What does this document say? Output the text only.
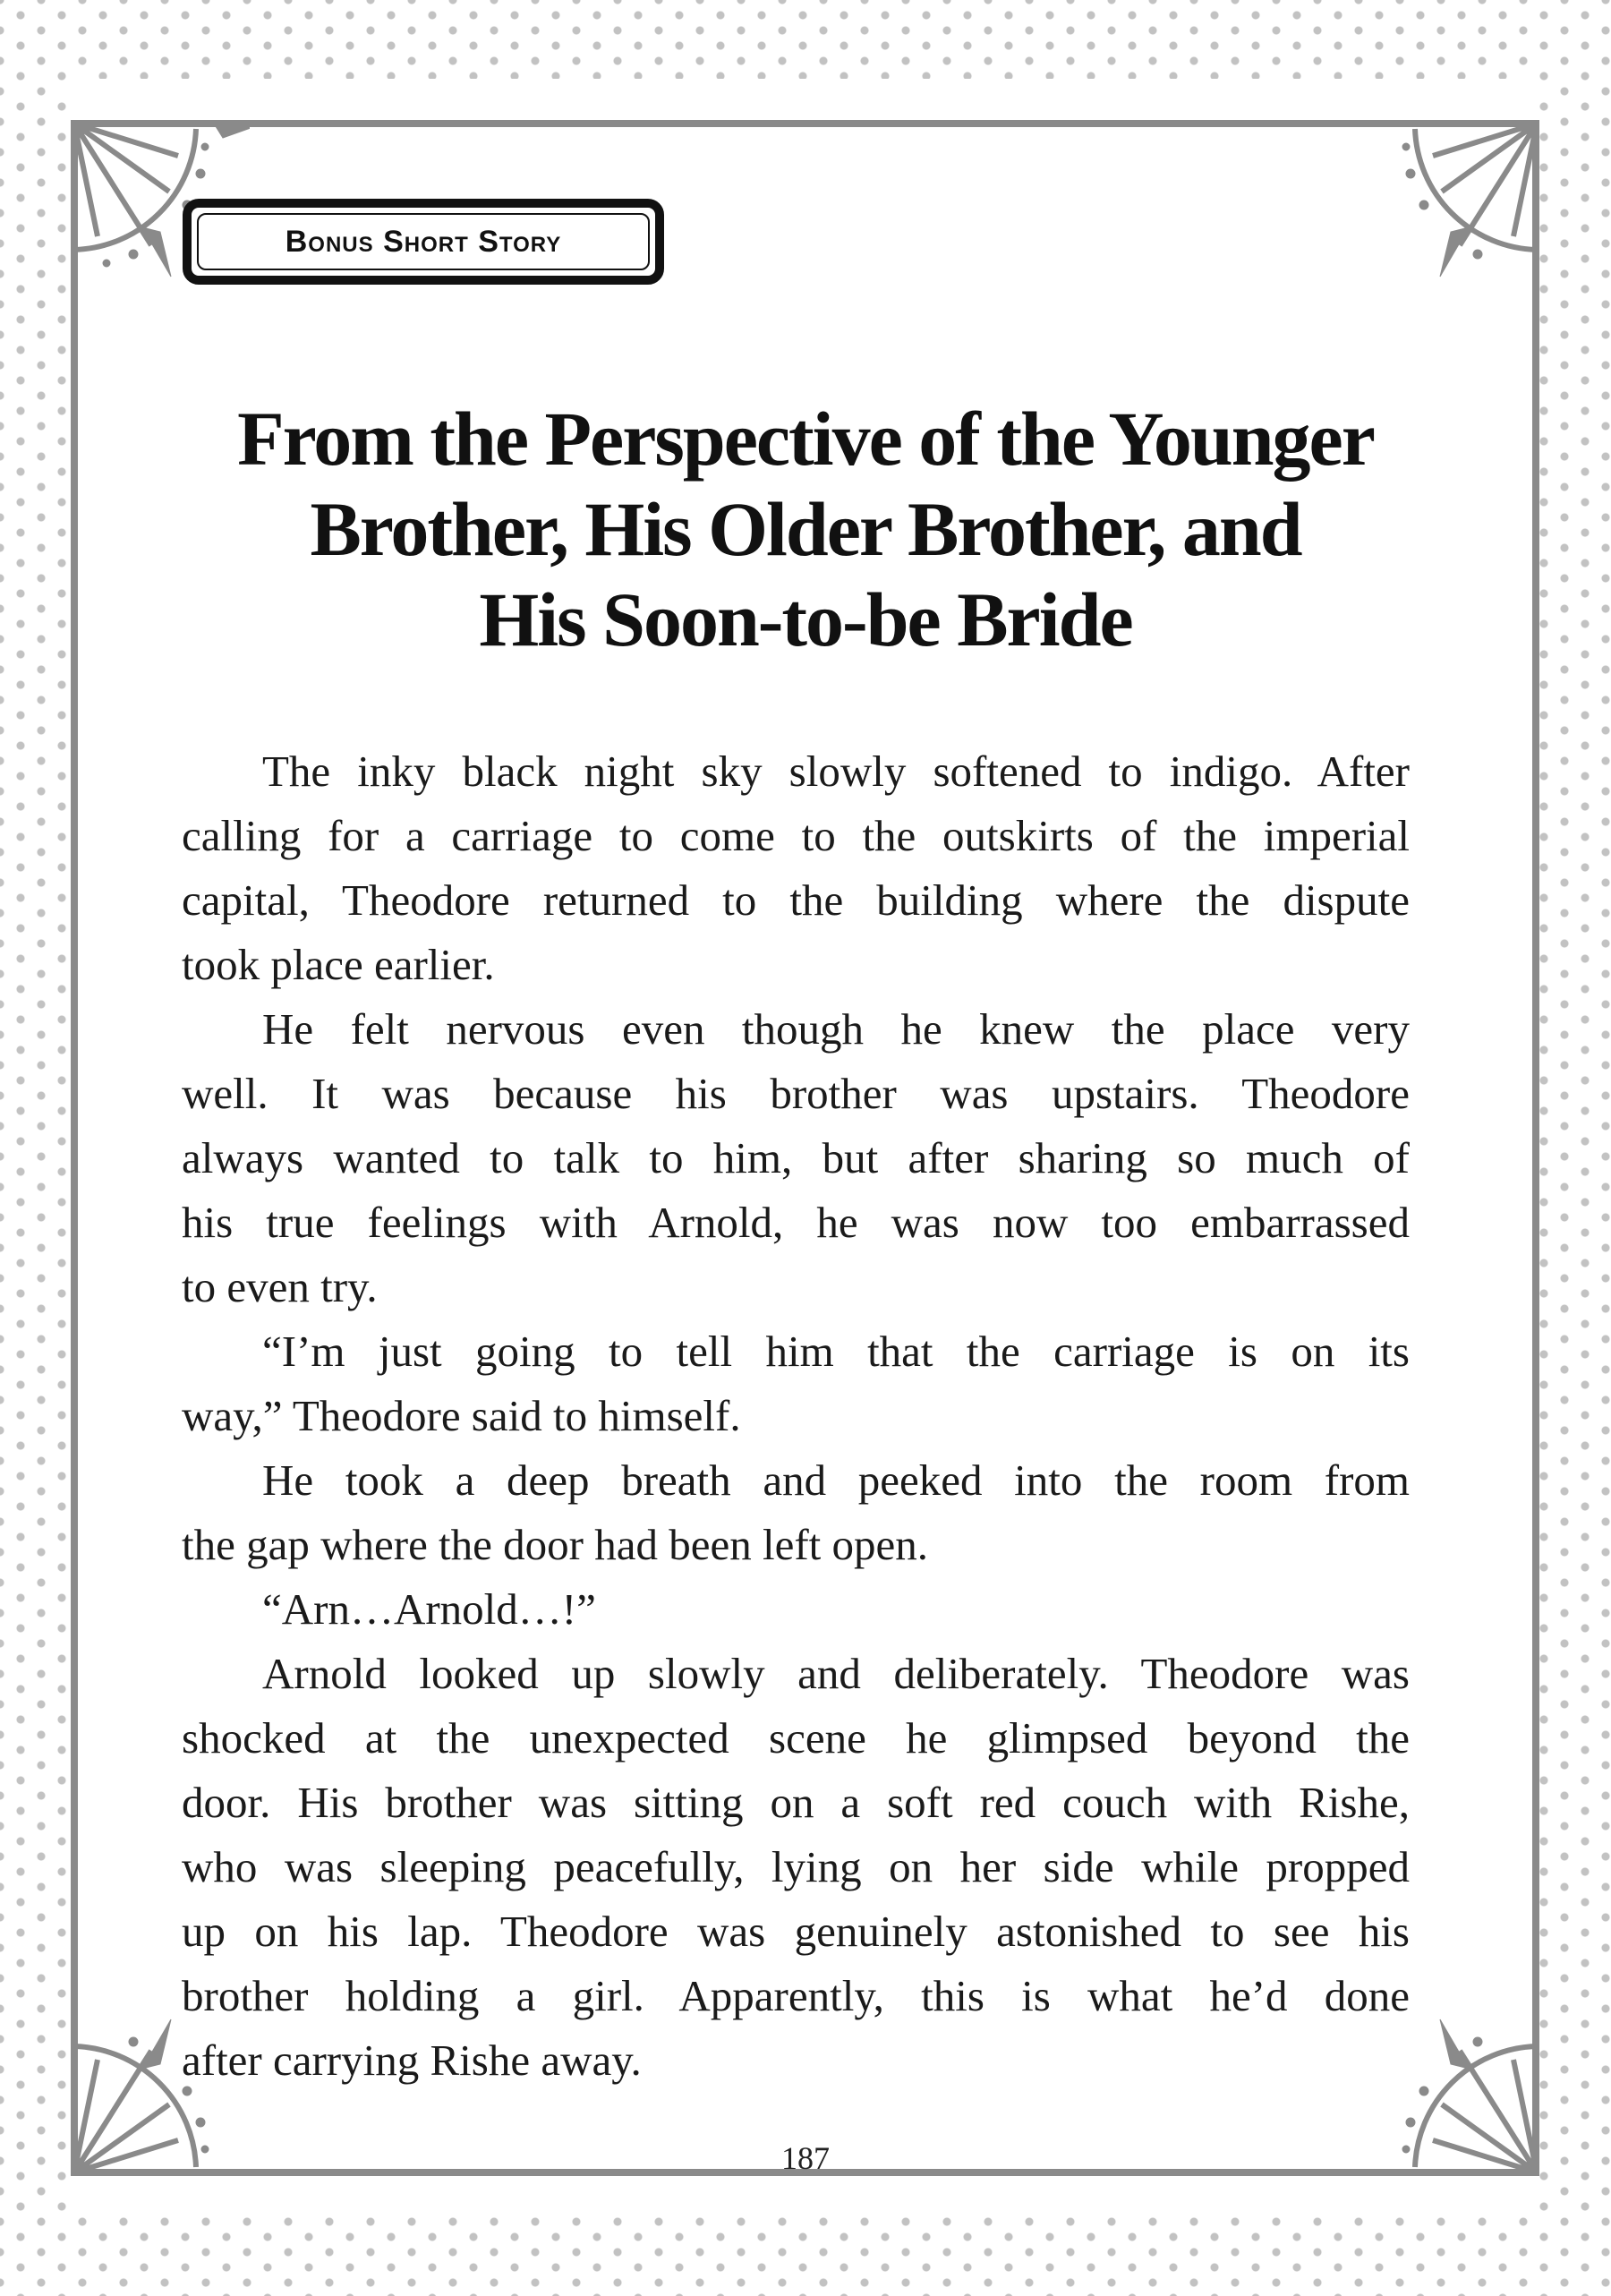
Bonus Short Story
From the Perspective of the Younger
Brother, His Older Brother, and
His Soon-to-be Bride
The inky black night sky slowly softened to indigo. After
calling for a carriage to come to the outskirts of the imperial
capital, Theodore returned to the building where the dispute
took place earlier.
He felt nervous even though he knew the place very
well. It was because his brother was upstairs. Theodore
always wanted to talk to him, but after sharing so much of
his true feelings with Arnold, he was now too embarrassed
to even try.
“I’m just going to tell him that the carriage is on its
way,” Theodore said to himself.
He took a deep breath and peeked into the room from
the gap where the door had been left open.
“Arn…Arnold…!”
Arnold looked up slowly and deliberately. Theodore was
shocked at the unexpected scene he glimpsed beyond the
door. His brother was sitting on a soft red couch with Rishe,
who was sleeping peacefully, lying on her side while propped
up on his lap. Theodore was genuinely astonished to see his
brother holding a girl. Apparently, this is what he’d done
after carrying Rishe away.
187
